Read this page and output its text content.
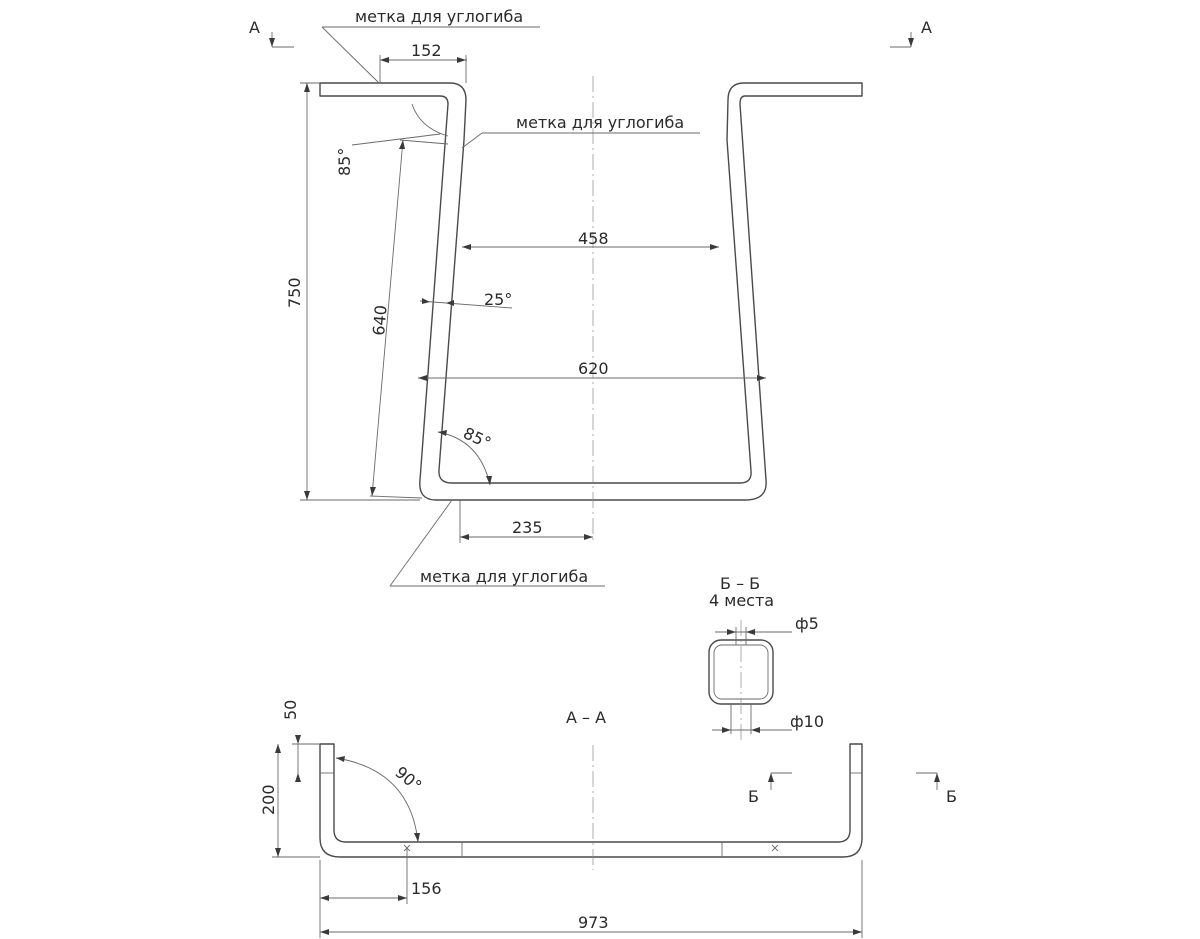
А	А
метка для углогиба
152
метка для углогиба
85°
750
640
458
25°
620
85°
235
метка для углогиба	Б – Б
4 места
ф5
ф10
А – А
Б	Б
50
200
90°
156
973
